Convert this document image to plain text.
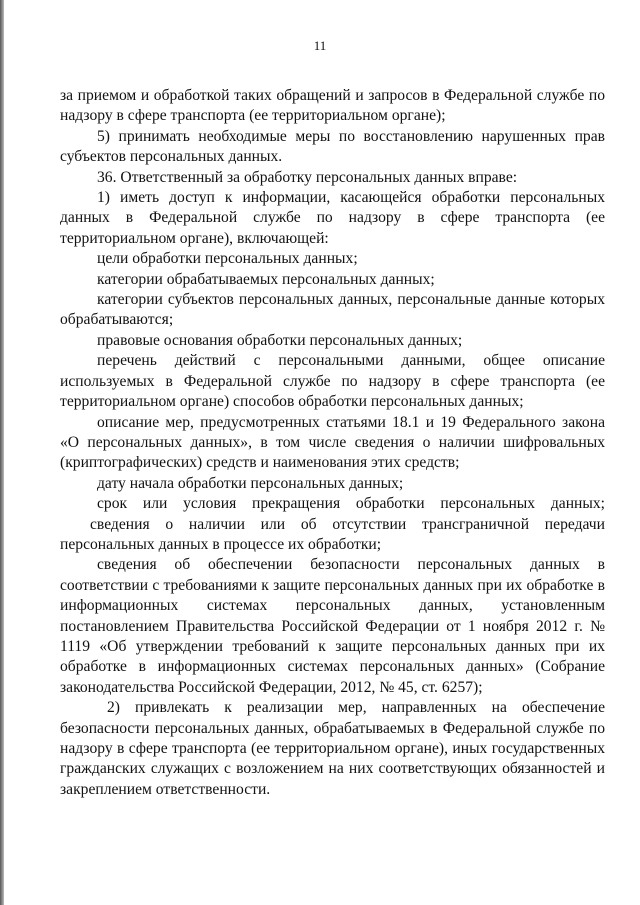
11

за приемом и обработкой таких обращений и запросов в Федеральной службе по надзору в сфере транспорта (ее территориальном органе);

5) принимать необходимые меры по восстановлению нарушенных прав субъектов персональных данных.

36. Ответственный за обработку персональных данных вправе:

1) иметь доступ к информации, касающейся обработки персональных данных в Федеральной службе по надзору в сфере транспорта (ее территориальном органе), включающей:

цели обработки персональных данных;

категории обрабатываемых персональных данных;

категории субъектов персональных данных, персональные данные которых обрабатываются;

правовые основания обработки персональных данных;

перечень действий с персональными данными, общее описание используемых в Федеральной службе по надзору в сфере транспорта (ее территориальном органе) способов обработки персональных данных;

описание мер, предусмотренных статьями 18.1 и 19 Федерального закона «О персональных данных», в том числе сведения о наличии шифровальных (криптографических) средств и наименования этих средств;

дату начала обработки персональных данных;

срок или условия прекращения обработки персональных данных;

сведения о наличии или об отсутствии трансграничной передачи персональных данных в процессе их обработки;

сведения об обеспечении безопасности персональных данных в соответствии с требованиями к защите персональных данных при их обработке в информационных системах персональных данных, установленным постановлением Правительства Российской Федерации от 1 ноября 2012 г. № 1119 «Об утверждении требований к защите персональных данных при их обработке в информационных системах персональных данных» (Собрание законодательства Российской Федерации, 2012, № 45, ст. 6257);

2) привлекать к реализации мер, направленных на обеспечение безопасности персональных данных, обрабатываемых в Федеральной службе по надзору в сфере транспорта (ее территориальном органе), иных государственных гражданских служащих с возложением на них соответствующих обязанностей и закреплением ответственности.
